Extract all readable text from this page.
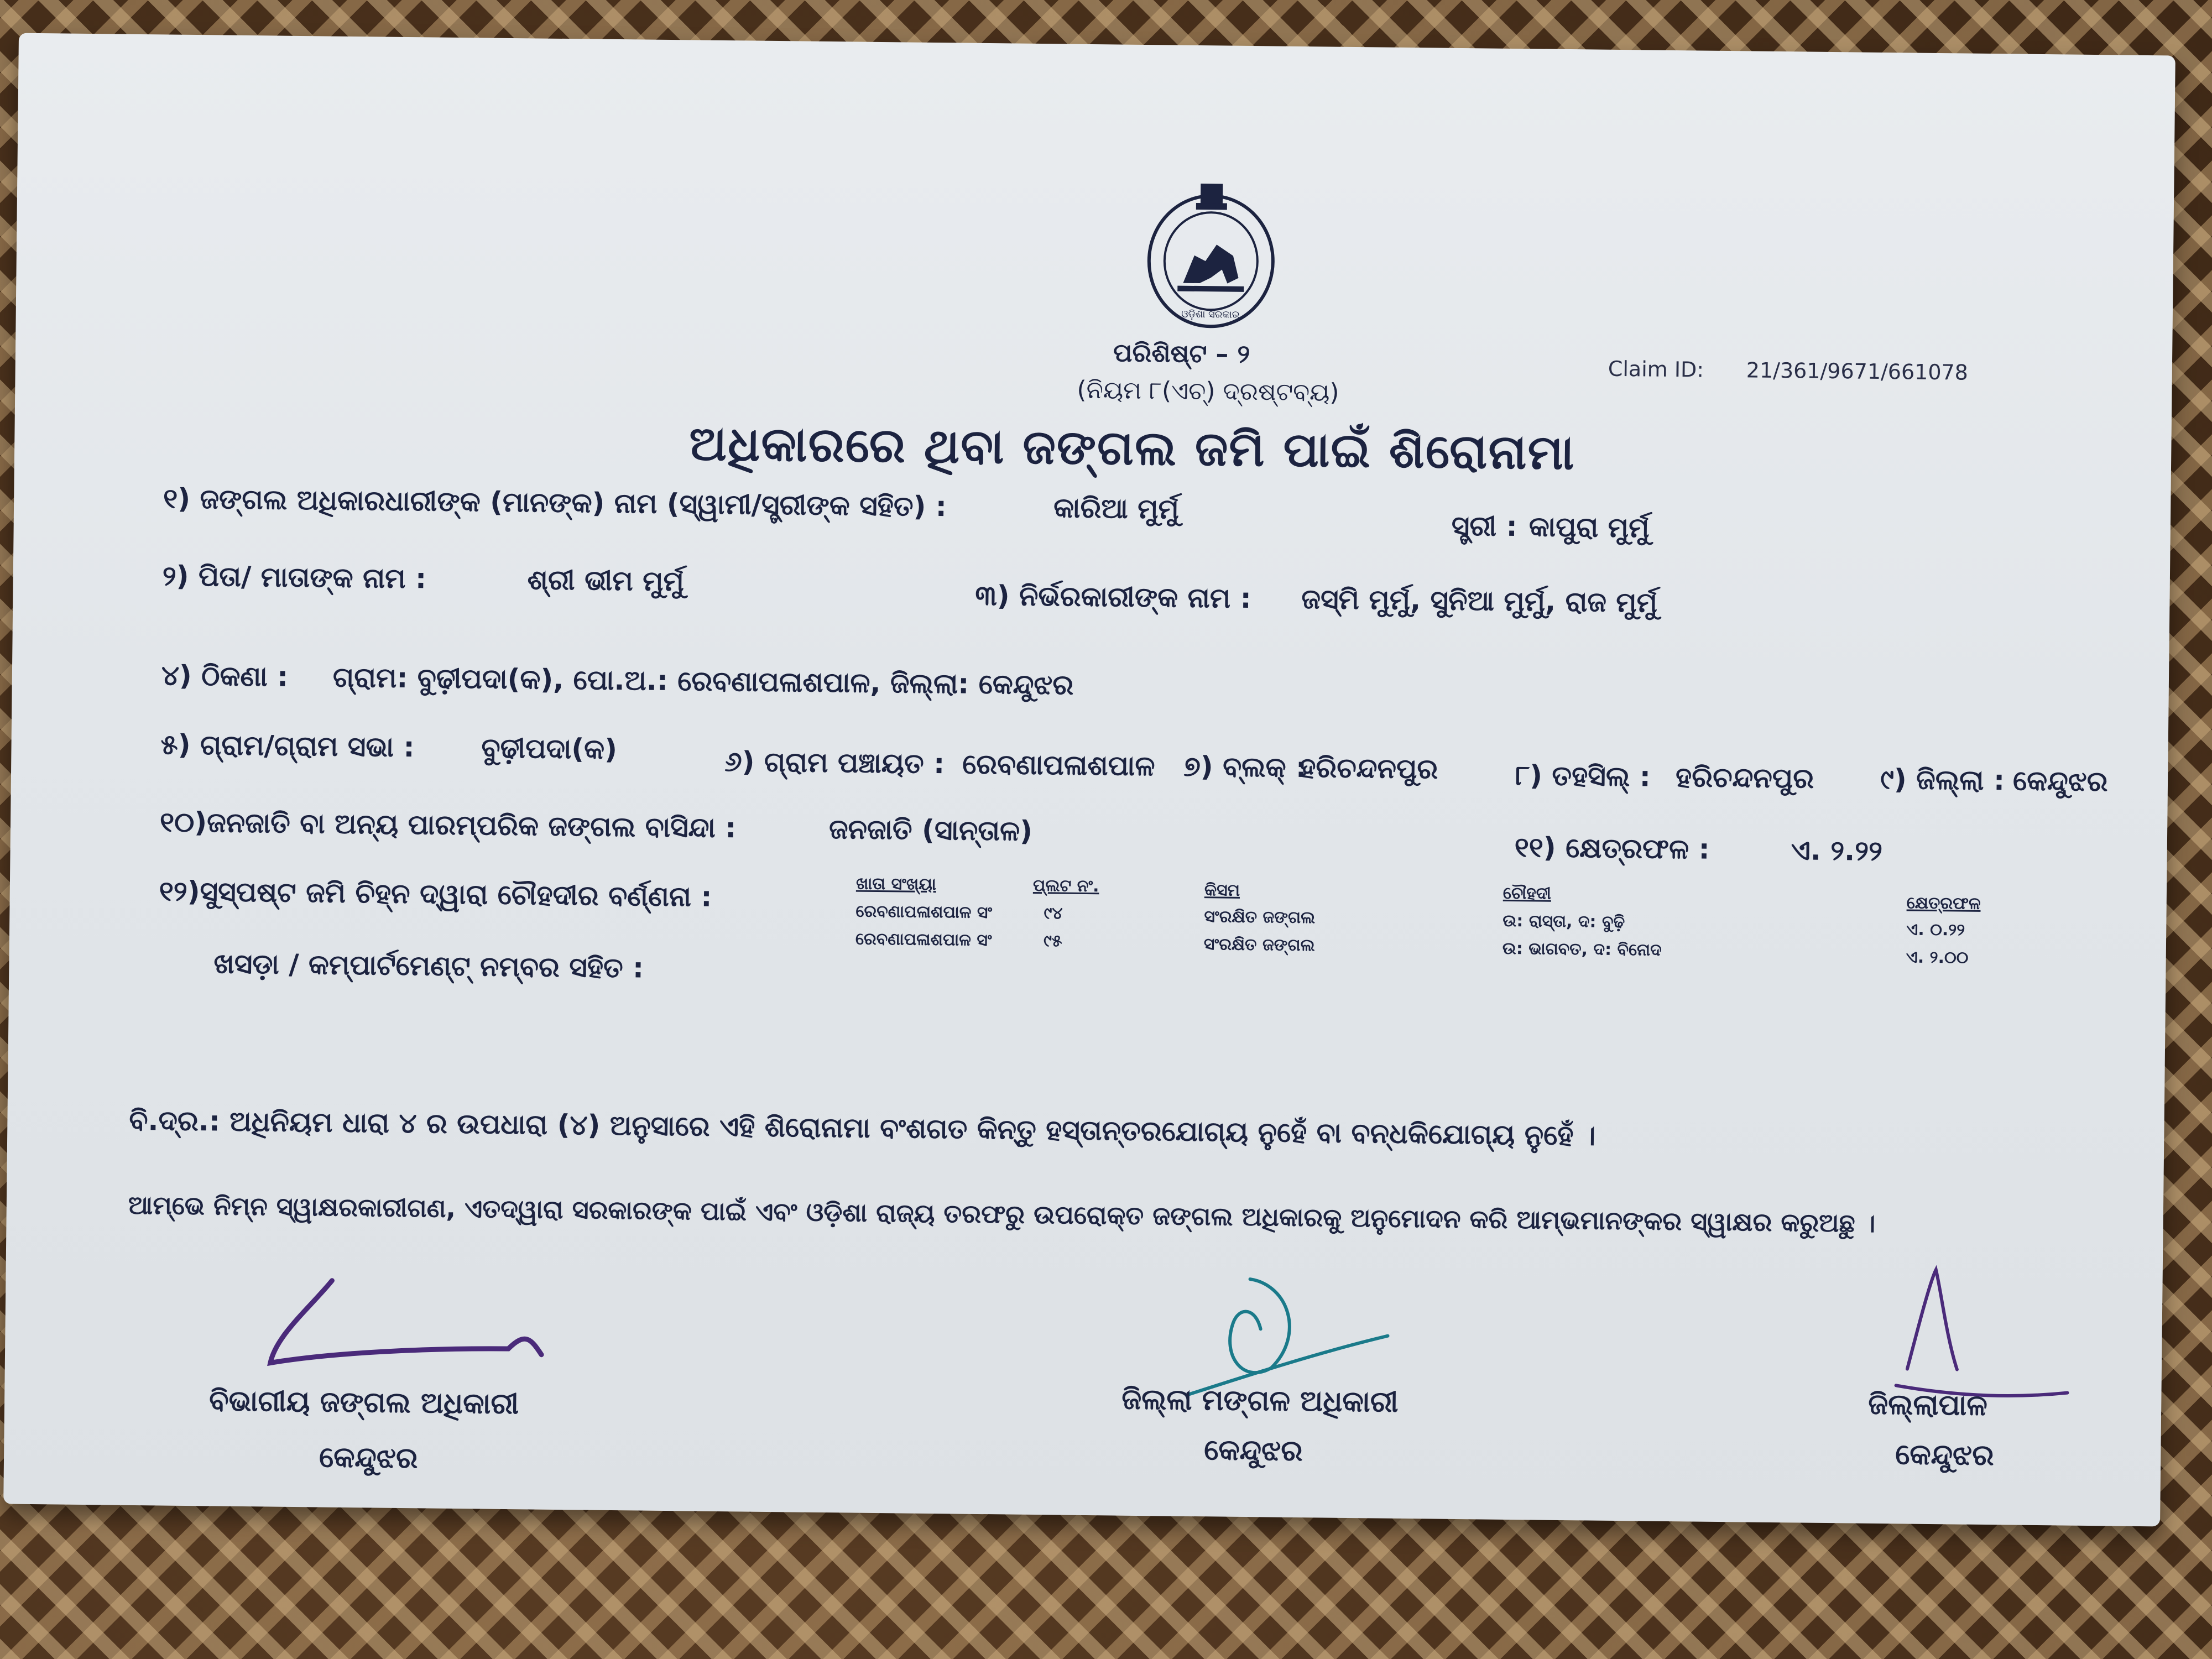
ଓଡ଼ିଶା ସରକାର
ପରିଶିଷ୍ଟ – ୨
(ନିୟମ ୮(ଏଚ୍) ଦ୍ରଷ୍ଟବ୍ୟ)
Claim ID: 21/361/9671/661078
ଅଧିକାରରେ ଥିବା ଜଙ୍ଗଲ ଜମି ପାଇଁ ଶିରୋନାମା
୧) ଜଙ୍ଗଲ ଅଧିକାରଧାରୀଙ୍କ (ମାନଙ୍କ) ନାମ (ସ୍ୱାମୀ/ସ୍ତ୍ରୀଙ୍କ ସହିତ) :	କାରିଆ ମୁର୍ମୁ
ସ୍ତ୍ରୀ : କାପୁରା ମୁର୍ମୁ
୨) ପିତା/ ମାତାଙ୍କ ନାମ :	ଶ୍ରୀ ଭୀମ ମୁର୍ମୁ	୩) ନିର୍ଭରକାରୀଙ୍କ ନାମ : ଜସ୍ମି ମୁର୍ମୁ, ସୁନିଆ ମୁର୍ମୁ, ରାଜ ମୁର୍ମୁ
୪) ଠିକଣା : ଗ୍ରାମ: ବୁଢ଼ୀପଦା(କ), ପୋ.ଅ.: ରେବଣାପଳାଶପାଳ, ଜିଲ୍ଲା: କେନ୍ଦୁଝର
୫) ଗ୍ରାମ/ଗ୍ରାମ ସଭା : ବୁଢ଼ୀପଦା(କ)	୬) ଗ୍ରାମ ପଞ୍ଚାୟତ : ରେବଣାପଳାଶପାଳ ୭) ବ୍ଲକ୍ :
ହରିଚନ୍ଦନପୁର	୮) ତହସିଲ୍ : ହରିଚନ୍ଦନପୁର ୯) ଜିଲ୍ଲା : କେନ୍ଦୁଝର
୧୦)ଜନଜାତି ବା ଅନ୍ୟ ପାରମ୍ପରିକ ଜଙ୍ଗଲ ବାସିନ୍ଦା :	ଜନଜାତି (ସାନ୍ତାଳ)
୧୧) କ୍ଷେତ୍ରଫଳ :	ଏ. ୨.୨୨
୧୨)ସୁସ୍ପଷ୍ଟ ଜମି ଚିହ୍ନ ଦ୍ୱାରା ଚୌହଦୀର ବର୍ଣ୍ଣନା :
ଖସଡ଼ା / କମ୍ପାର୍ଟମେଣ୍ଟ୍ ନମ୍ବର ସହିତ :
ଖାତା ସଂଖ୍ୟା	ପ୍ଲଟ ନଂ.	କିସମ	ଚୌହଦୀ	କ୍ଷେତ୍ରଫଳ
ରେବଣାପଳାଶପାଳ ସଂ	୯୪	ସଂରକ୍ଷିତ ଜଙ୍ଗଲ	ଉ: ରାସ୍ତା, ଦ: ବୁଢ଼ି	ଏ. ୦.୨୨
ରେବଣାପଳାଶପାଳ ସଂ	୯୫	ସଂରକ୍ଷିତ ଜଙ୍ଗଲ	ଉ: ଭାଗବତ, ଦ: ବିନୋଦ	ଏ. ୨.୦୦
ବି.ଦ୍ର.: ଅଧିନିୟମ ଧାରା ୪ ର ଉପଧାରା (୪) ଅନୁସାରେ ଏହି ଶିରୋନାମା ବଂଶଗତ କିନ୍ତୁ ହସ୍ତାନ୍ତରଯୋଗ୍ୟ ନୁହେଁ ବା ବନ୍ଧକିଯୋଗ୍ୟ ନୁହେଁ ।
ଆମ୍ଭେ ନିମ୍ନ ସ୍ୱାକ୍ଷରକାରୀଗଣ, ଏତଦ୍ୱାରା ସରକାରଙ୍କ ପାଇଁ ଏବଂ ଓଡ଼ିଶା ରାଜ୍ୟ ତରଫରୁ ଉପରୋକ୍ତ ଜଙ୍ଗଲ ଅଧିକାରକୁ ଅନୁମୋଦନ କରି ଆମ୍ଭମାନଙ୍କର ସ୍ୱାକ୍ଷର କରୁଅଛୁ ।
ବିଭାଗୀୟ ଜଙ୍ଗଲ ଅଧିକାରୀ
କେନ୍ଦୁଝର
ଜିଲ୍ଲା ମଙ୍ଗଳ ଅଧିକାରୀ
କେନ୍ଦୁଝର
ଜିଲ୍ଲାପାଳ
କେନ୍ଦୁଝର
